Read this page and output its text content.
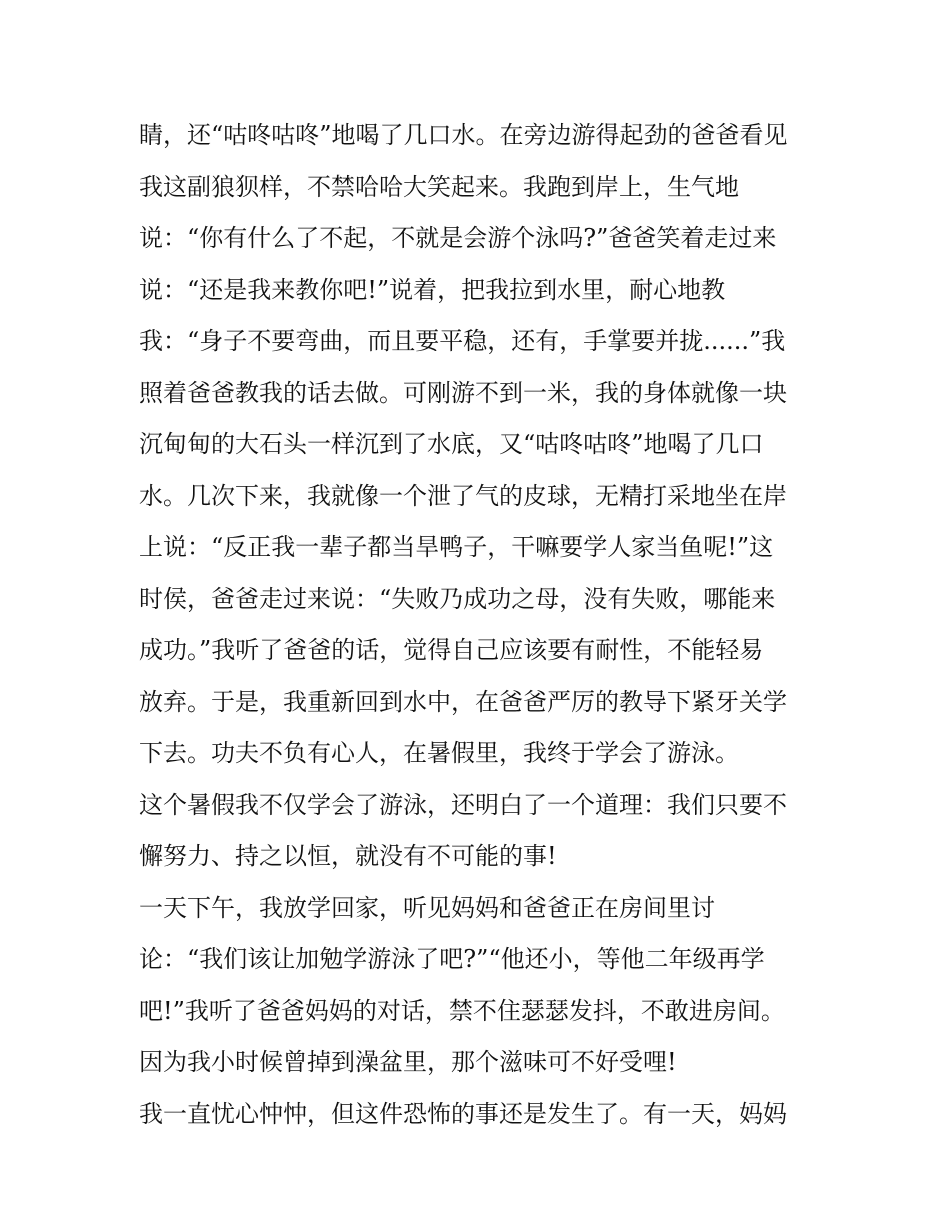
睛，还“咕咚咕咚”地喝了几口水。在旁边游得起劲的爸爸看见
我这副狼狈样，不禁哈哈大笑起来。我跑到岸上，生气地
说：“你有什么了不起，不就是会游个泳吗?”爸爸笑着走过来
说：“还是我来教你吧!”说着，把我拉到水里，耐心地教
我：“身子不要弯曲，而且要平稳，还有，手掌要并拢......”我
照着爸爸教我的话去做。可刚游不到一米，我的身体就像一块
沉甸甸的大石头一样沉到了水底，又“咕咚咕咚”地喝了几口
水。几次下来，我就像一个泄了气的皮球，无精打采地坐在岸
上说：“反正我一辈子都当旱鸭子，干嘛要学人家当鱼呢!”这
时侯，爸爸走过来说：“失败乃成功之母，没有失败，哪能来
成功。”我听了爸爸的话，觉得自己应该要有耐性，不能轻易
放弃。于是，我重新回到水中，在爸爸严厉的教导下紧牙关学
下去。功夫不负有心人，在暑假里，我终于学会了游泳。
这个暑假我不仅学会了游泳，还明白了一个道理：我们只要不
懈努力、持之以恒，就没有不可能的事!
一天下午，我放学回家，听见妈妈和爸爸正在房间里讨
论：“我们该让加勉学游泳了吧?”“他还小，等他二年级再学
吧!”我听了爸爸妈妈的对话，禁不住瑟瑟发抖，不敢进房间。
因为我小时候曾掉到澡盆里，那个滋味可不好受哩!
我一直忧心忡忡，但这件恐怖的事还是发生了。有一天，妈妈
